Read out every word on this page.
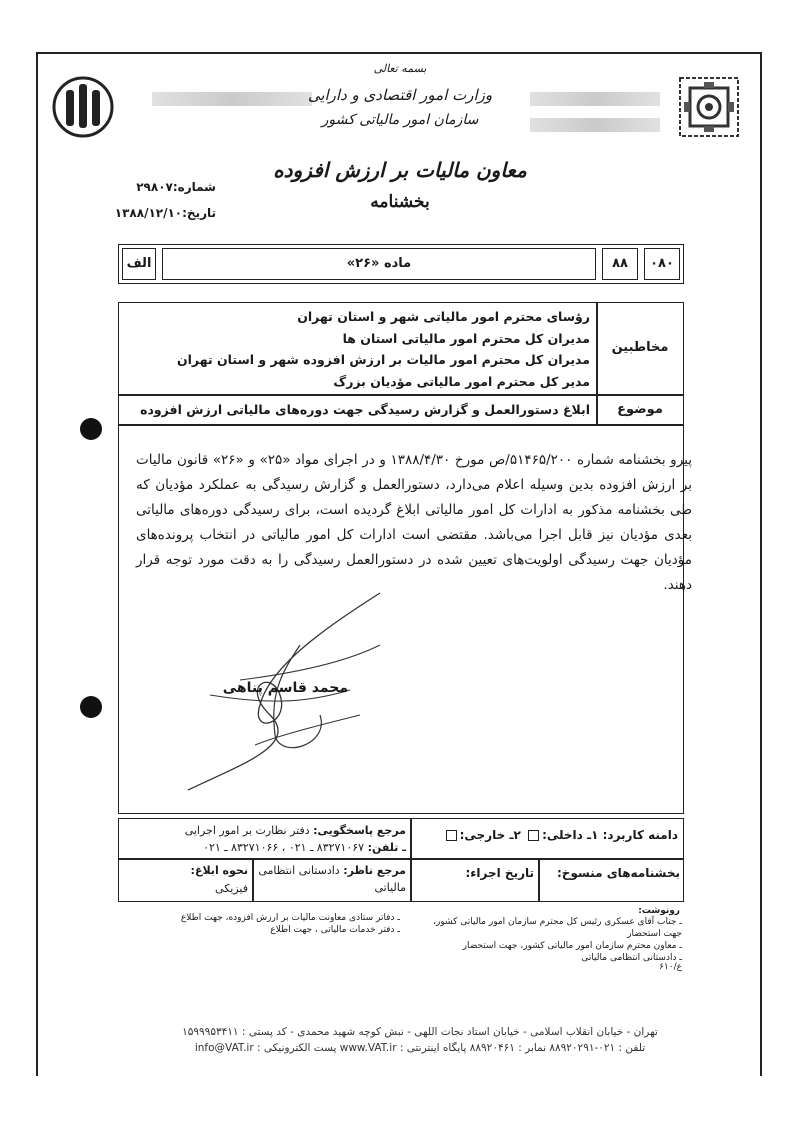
بسمه تعالی
وزارت امور اقتصادی و دارایی
سازمان امور مالیاتی کشور
معاون مالیات بر ارزش افزوده
بخشنامه
شماره:۲۹۸۰۷
تاریخ:۱۳۸۸/۱۲/۱۰
۰۸۰
۸۸
ماده «۲۶»
الف
مخاطبین
رؤسای محترم امور مالیاتی شهر و استان تهران
مدیران کل محترم امور مالیاتی استان ها
مدیران کل محترم امور مالیات بر ارزش افزوده شهر و استان تهران
مدیر کل محترم امور مالیاتی مؤدیان بزرگ
موضوع
ابلاغ دستورالعمل و گزارش رسیدگی جهت دوره‌های مالیاتی ارزش افزوده
پیرو بخشنامه شماره ۵۱۴۶۵/۲۰۰/ص مورخ ۱۳۸۸/۴/۳۰ و در اجرای مواد «۲۵» و «۲۶» قانون مالیات بر ارزش افزوده بدین وسیله اعلام می‌دارد، دستورالعمل و گزارش رسیدگی به عملکرد مؤدیان که طی بخشنامه مذکور به ادارات کل امور مالیاتی ابلاغ گردیده است، برای رسیدگی دوره‌های مالیاتی بعدی مؤدیان نیز قابل اجرا می‌باشد. مقتضی است ادارات کل امور مالیاتی در انتخاب پرونده‌های مؤدیان جهت رسیدگی اولویت‌های تعیین شده در دستورالعمل رسیدگی را به دقت مورد توجه قرار دهند.
محمد قاسم پناهی
دامنه کاربرد: ۱ـ داخلی: ۲ـ خارجی:
مرجع پاسخگویی: دفتر نظارت بر امور اجرایی
ـ تلفن: ۸۳۲۷۱۰۶۷ ـ ۰۲۱ ، ۸۳۲۷۱۰۶۶ ـ ۰۲۱
بخشنامه‌های منسوخ:
تاریخ اجراء:
مرجع ناظر: دادستانی انتظامی مالیاتی
نحوه ابلاغ:
فیزیکی
رونوشت:
ـ جناب آقای عسکری رئیس کل محترم سازمان امور مالیاتی کشور، جهت استحضار
ـ معاون محترم سازمان امور مالیاتی کشور، جهت استحضار
ـ دادستانی انتظامی مالیاتی
ـ دفاتر ستادی معاونت مالیات بر ارزش افزوده، جهت اطلاع
ـ دفتر خدمات مالیاتی ، جهت اطلاع
ع/۶۱۰
تهران - خیابان انقلاب اسلامی - خیابان استاد نجات اللهی - نبش کوچه شهید محمدی - کد پستی : ۱۵۹۹۹۵۳۴۱۱
تلفن : ۰۲۱-۸۸۹۲۰۲۹۱ نمابر : ۸۸۹۲۰۴۶۱ پایگاه اینترنتی : www.VAT.ir پست الکترونیکی : info@VAT.ir
